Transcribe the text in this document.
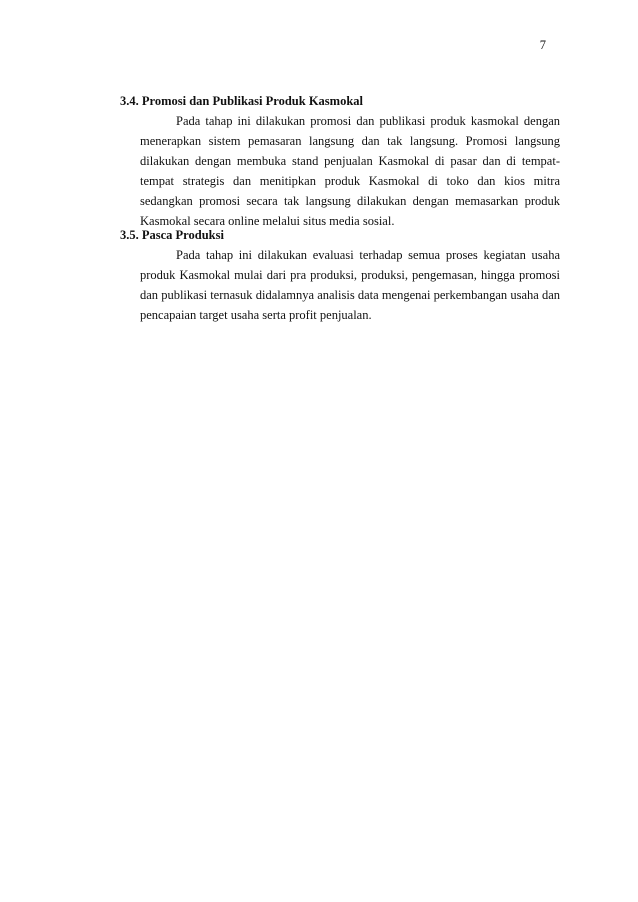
7
3.4. Promosi dan Publikasi Produk Kasmokal

Pada tahap ini dilakukan promosi dan publikasi produk kasmokal dengan menerapkan sistem pemasaran langsung dan tak langsung. Promosi langsung dilakukan dengan membuka stand penjualan Kasmokal di pasar dan di tempat-tempat strategis dan menitipkan produk Kasmokal di toko dan kios mitra sedangkan promosi secara tak langsung dilakukan dengan memasarkan produk Kasmokal secara online melalui situs media sosial.

3.5. Pasca Produksi

Pada tahap ini dilakukan evaluasi terhadap semua proses kegiatan usaha produk Kasmokal mulai dari pra produksi, produksi, pengemasan, hingga promosi dan publikasi ternasuk didalamnya analisis data mengenai perkembangan usaha dan pencapaian target usaha serta profit penjualan.
